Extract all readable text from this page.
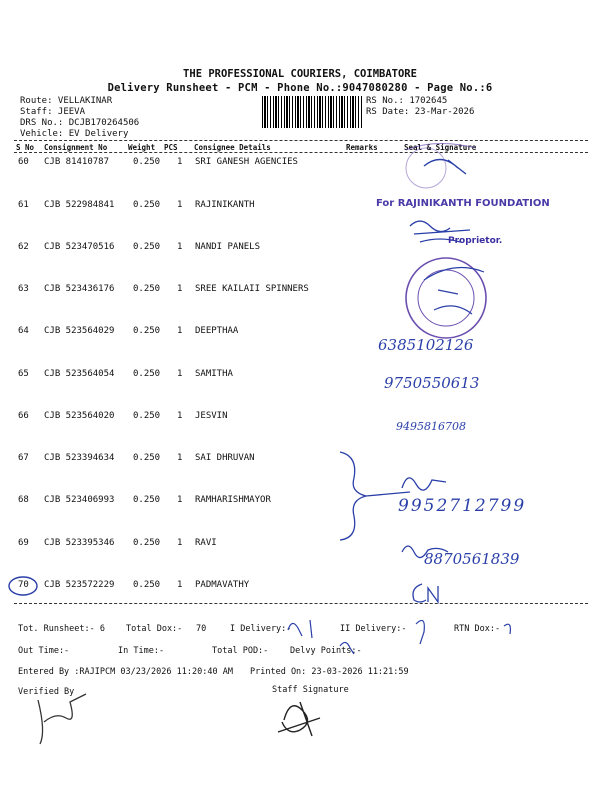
THE PROFESSIONAL COURIERS, COIMBATORE
Delivery Runsheet - PCM - Phone No.:9047080280 - Page No.:6
Route: VELLAKINAR
Staff: JEEVA
DRS No.: DCJB170264506
Vehicle: EV Delivery
RS No.: 1702645
RS Date: 23-Mar-2026
S No Consignment No	Weight PCS Consignee Details	Remarks	Seal & Signature
60 CJB 81410787	0.250 1 SRI GANESH AGENCIES
61 CJB 522984841 0.250 1 RAJINIKANTH
62 CJB 523470516 0.250 1 NANDI PANELS
63 CJB 523436176 0.250 1 SREE KAILAII SPINNERS
64 CJB 523564029 0.250 1 DEEPTHAA
65 CJB 523564054 0.250 1 SAMITHA
66 CJB 523564020 0.250 1 JESVIN
67 CJB 523394634 0.250 1 SAI DHRUVAN
68 CJB 523406993 0.250 1 RAMHARISHMAYOR
69 CJB 523395346 0.250 1 RAVI
70 CJB 523572229 0.250 1 PADMAVATHY
Tot. Runsheet:- 6 Total Dox:- 70	I Delivery:-	II Delivery:-	RTN Dox:-
Out Time:-	In Time:-	Total POD:-	Delvy Points:-
Entered By :RAJIPCM 03/23/2026 11:20:40 AM Printed On: 23-03-2026 11:21:59
Verified By	Staff Signature
For RAJINIKANTH FOUNDATION
Proprietor.
6385102126
9750550613
9495816708
9952712799
8870561839
